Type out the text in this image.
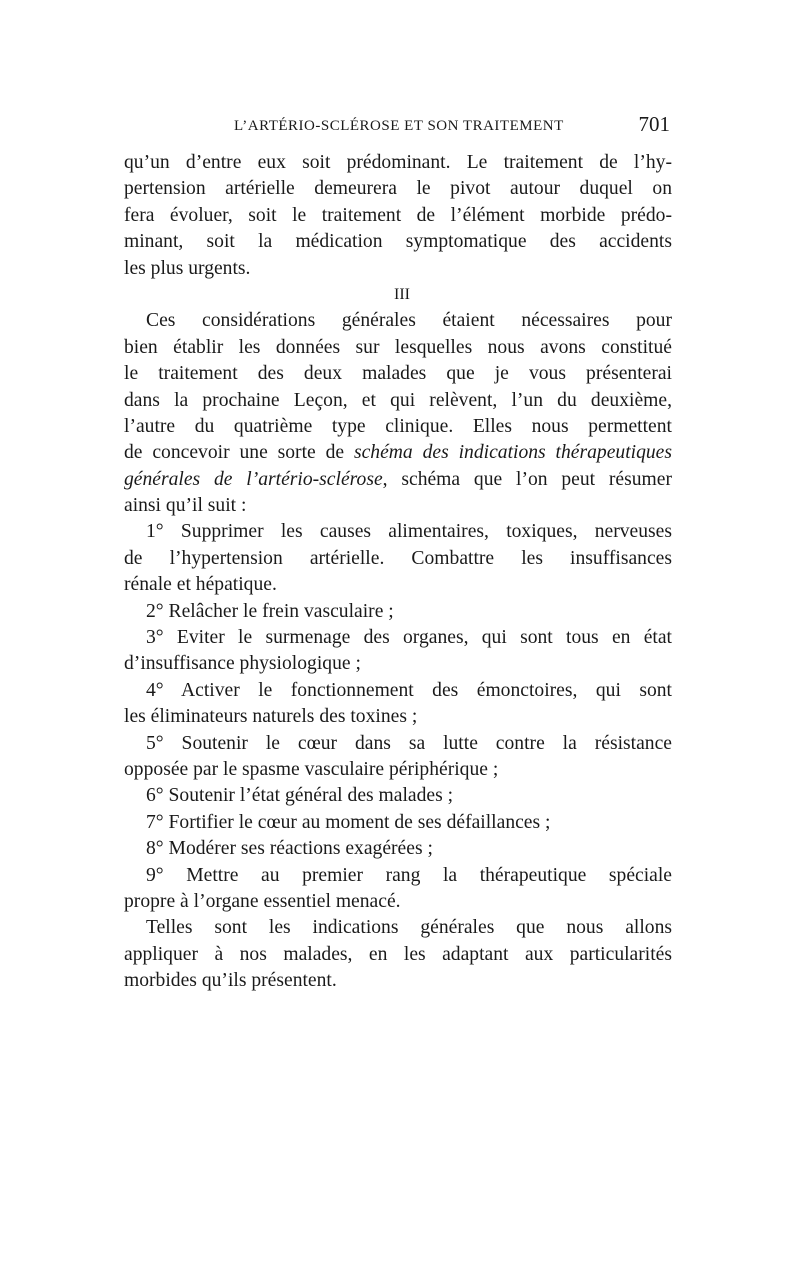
L’ARTÉRIO-SCLÉROSE ET SON TRAITEMENT	701
qu’un d’entre eux soit prédominant. Le traitement de l’hy-
pertension artérielle demeurera le pivot autour duquel on
fera évoluer, soit le traitement de l’élément morbide prédo-
minant, soit la médication symptomatique des accidents
les plus urgents.
III
Ces considérations générales étaient nécessaires pour
bien établir les données sur lesquelles nous avons constitué
le traitement des deux malades que je vous présenterai
dans la prochaine Leçon, et qui relèvent, l’un du deuxième,
l’autre du quatrième type clinique. Elles nous permettent
de concevoir une sorte de schéma des indications thérapeutiques
générales de l’artério-sclérose, schéma que l’on peut résumer
ainsi qu’il suit :
1° Supprimer les causes alimentaires, toxiques, nerveuses
de l’hypertension artérielle. Combattre les insuffisances
rénale et hépatique.
2° Relâcher le frein vasculaire ;
3° Eviter le surmenage des organes, qui sont tous en état
d’insuffisance physiologique ;
4° Activer le fonctionnement des émonctoires, qui sont
les éliminateurs naturels des toxines ;
5° Soutenir le cœur dans sa lutte contre la résistance
opposée par le spasme vasculaire périphérique ;
6° Soutenir l’état général des malades ;
7° Fortifier le cœur au moment de ses défaillances ;
8° Modérer ses réactions exagérées ;
9° Mettre au premier rang la thérapeutique spéciale
propre à l’organe essentiel menacé.
Telles sont les indications générales que nous allons
appliquer à nos malades, en les adaptant aux particularités
morbides qu’ils présentent.
